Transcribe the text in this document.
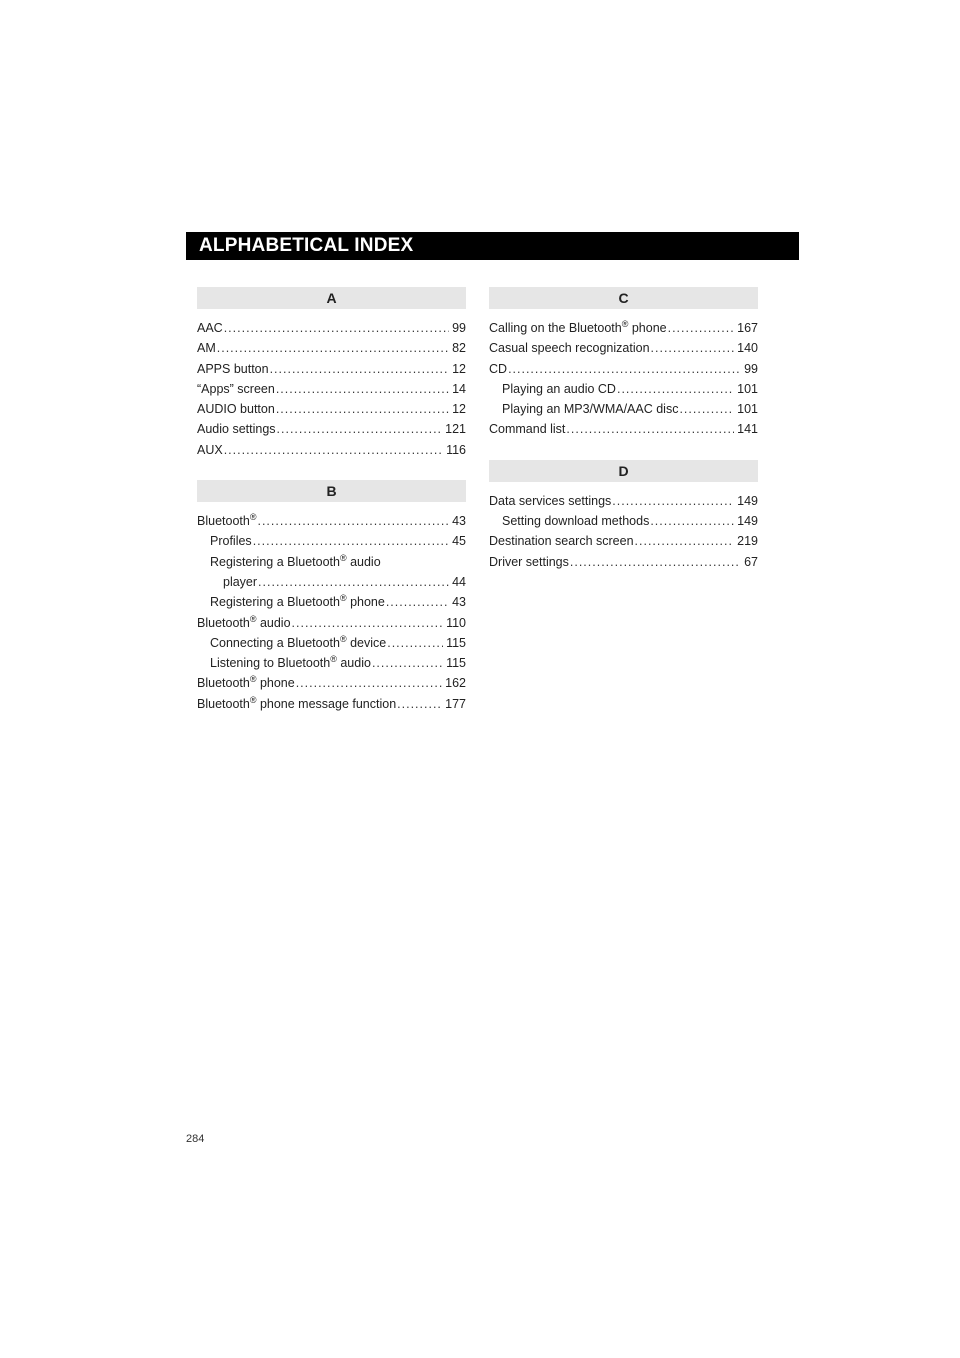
ALPHABETICAL INDEX
A
AAC .....	99
AM .....	82
APPS button .....	12
“Apps” screen .....	14
AUDIO button .....	12
Audio settings .....	121
AUX .....	116
B
Bluetooth® .....	43
Profiles .....	45
Registering a Bluetooth® audio
player .....	44
Registering a Bluetooth® phone .....	43
Bluetooth® audio .....	110
Connecting a Bluetooth® device .....	115
Listening to Bluetooth® audio .....	115
Bluetooth® phone .....	162
Bluetooth® phone message function .....	177
C
Calling on the Bluetooth® phone .....	167
Casual speech recognization .....	140
CD .....	99
Playing an audio CD .....	101
Playing an MP3/WMA/AAC disc .....	101
Command list .....	141
D
Data services settings .....	149
Setting download methods .....	149
Destination search screen .....	219
Driver settings .....	67
284
